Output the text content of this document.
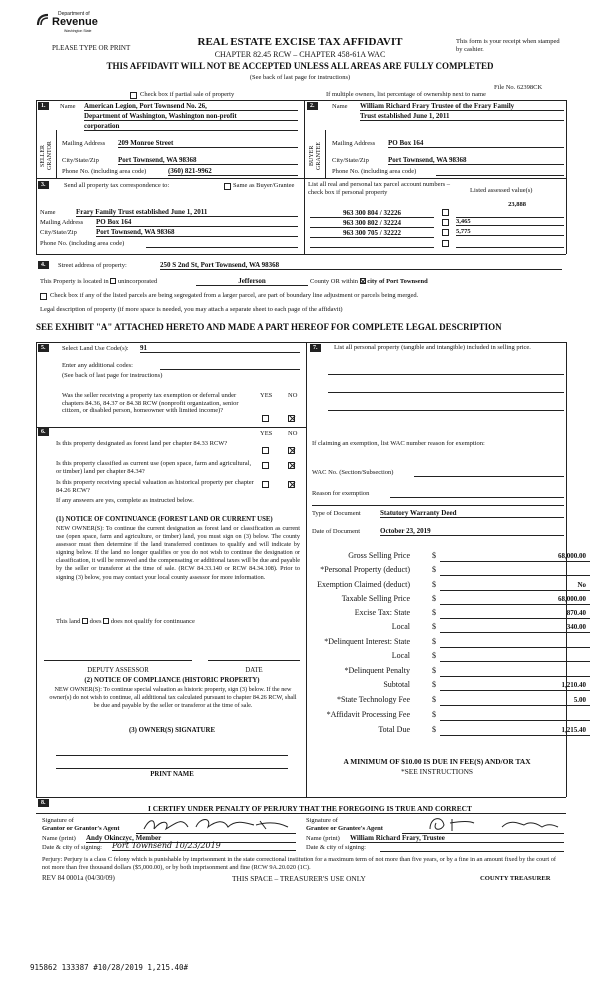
Department of
Revenue
Washington State
PLEASE TYPE OR PRINT	REAL ESTATE EXCISE TAX AFFIDAVIT
CHAPTER 82.45 RCW – CHAPTER 458-61A WAC
This form is your receipt when stamped by cashier.
THIS AFFIDAVIT WILL NOT BE ACCEPTED UNLESS ALL AREAS ARE FULLY COMPLETED
(See back of last page for instructions)
Check box if partial sale of property	If multiple owners, list percentage of ownership next to name
File No. 62398CK
1.
SELLER GRANTOR
Name American Legion, Port Townsend No. 26,
Department of Washington, Washington non-profit
corporation
Mailing Address 209 Monroe Street
City/State/Zip	Port Townsend, WA 98368
Phone No. (including area code)	(360) 821-9962
2.
BUYER GRANTEE
Name William Richard Frary Trustee of the Frary Family
Trust established June 1, 2011
Mailing Address PO Box 164
City/State/Zip	Port Townsend, WA 98368
Phone No. (including area code)
3.	Send all property tax correspondence to:	Same as Buyer/Grantee List all real and personal tax parcel account numbers – check box if personal property	Listed assessed value(s)
Name	Frary Family Trust established June 1, 2011
Mailing Address PO Box 164
City/State/Zip	Port Townsend, WA 98368
Phone No. (including area code)
23,888
963 300 804 / 32226
963 300 802 / 32224	3,465
963 300 705 / 32222	5,775
4.	Street address of property:	250 S 2nd St, Port Townsend, WA 98368
This Property is located in unincorporated	Jefferson	County OR within city of Port Townsend
Check box if any of the listed parcels are being segregated from a larger parcel, are part of boundary line adjustment or parcels being merged.
Legal description of property (if more space is needed, you may attach a separate sheet to each page of the affidavit)
SEE EXHIBIT "A" ATTACHED HERETO AND MADE A PART HEREOF FOR COMPLETE LEGAL DESCRIPTION
5.	Select Land Use Code(s): 91
Enter any additional codes:
(See back of last page for instructions)
Was the seller receiving a property tax exemption or deferral under chapters 84.36, 84.37 or 84.38 RCW (nonprofit organization, senior citizen, or disabled person, homeowner with limited income)?
YES NO
6.	YES NO
Is this property designated as forest land per chapter 84.33 RCW?
Is this property classified as current use (open space, farm and agricultural, or timber) land per chapter 84.34?
Is this property receiving special valuation as historical property per chapter 84.26 RCW?
If any answers are yes, complete as instructed below.
(1) NOTICE OF CONTINUANCE (FOREST LAND OR CURRENT USE)
NEW OWNER(S): To continue the current designation as forest land or classification as current use (open space, farm and agriculture, or timber) land, you must sign on (3) below. The county assessor must then determine if the land transferred continues to qualify and will indicate by signing below. If the land no longer qualifies or you do not wish to continue the designation or classification, it will be removed and the compensating or additional taxes will be due and payable by the seller or transferor at the time of sale. (RCW 84.33.140 or RCW 84.34.108). Prior to signing (3) below, you may contact your local county assessor for more information.
This land does does not qualify for continuance
DEPUTY ASSESSOR	DATE
(2) NOTICE OF COMPLIANCE (HISTORIC PROPERTY)
NEW OWNER(S): To continue special valuation as historic property, sign (3) below. If the new owner(s) do not wish to continue, all additional tax calculated pursuant to chapter 84.26 RCW, shall be due and payable by the seller or transferor at the time of sale.
(3) OWNER(S) SIGNATURE
PRINT NAME
7.	List all personal property (tangible and intangible) included in selling price.
If claiming an exemption, list WAC number reason for exemption:
WAC No. (Section/Subsection)
Reason for exemption
Type of Document	Statutory Warranty Deed
Date of Document	October 23, 2019
Gross Selling Price	$	68,000.00
*Personal Property (deduct)	$
Exemption Claimed (deduct)	$	No
Taxable Selling Price	$	68,000.00
Excise Tax: State	$	870.40
Local	$	340.00
*Delinquent Interest: State	$
Local	$
*Delinquent Penalty	$
Subtotal	$	1,210.40
*State Technology Fee	$	5.00
*Affidavit Processing Fee	$
Total Due	$	1,215.40
A MINIMUM OF $10.00 IS DUE IN FEE(S) AND/OR TAX
*SEE INSTRUCTIONS
8.
I CERTIFY UNDER PENALTY OF PERJURY THAT THE FOREGOING IS TRUE AND CORRECT
Signature of
Grantor or Grantor's Agent
Name (print) Andy Okinczyc, Member
Date & city of signing: Port Townsend 10/23/2019
Signature of
Grantee or Grantee's Agent
Name (print) William Richard Frary, Trustee
Date & city of signing:
Perjury: Perjury is a class C felony which is punishable by imprisonment in the state correctional institution for a maximum term of not more than five years, or by a fine in an amount fixed by the court of not more than five thousand dollars ($5,000.00), or by both imprisonment and fine (RCW 9A.20.020 (1C).
REV 84 0001a (04/30/09)	THIS SPACE – TREASURER'S USE ONLY	COUNTY TREASURER
915862 133387 #10/28/2019 1,215.40#
